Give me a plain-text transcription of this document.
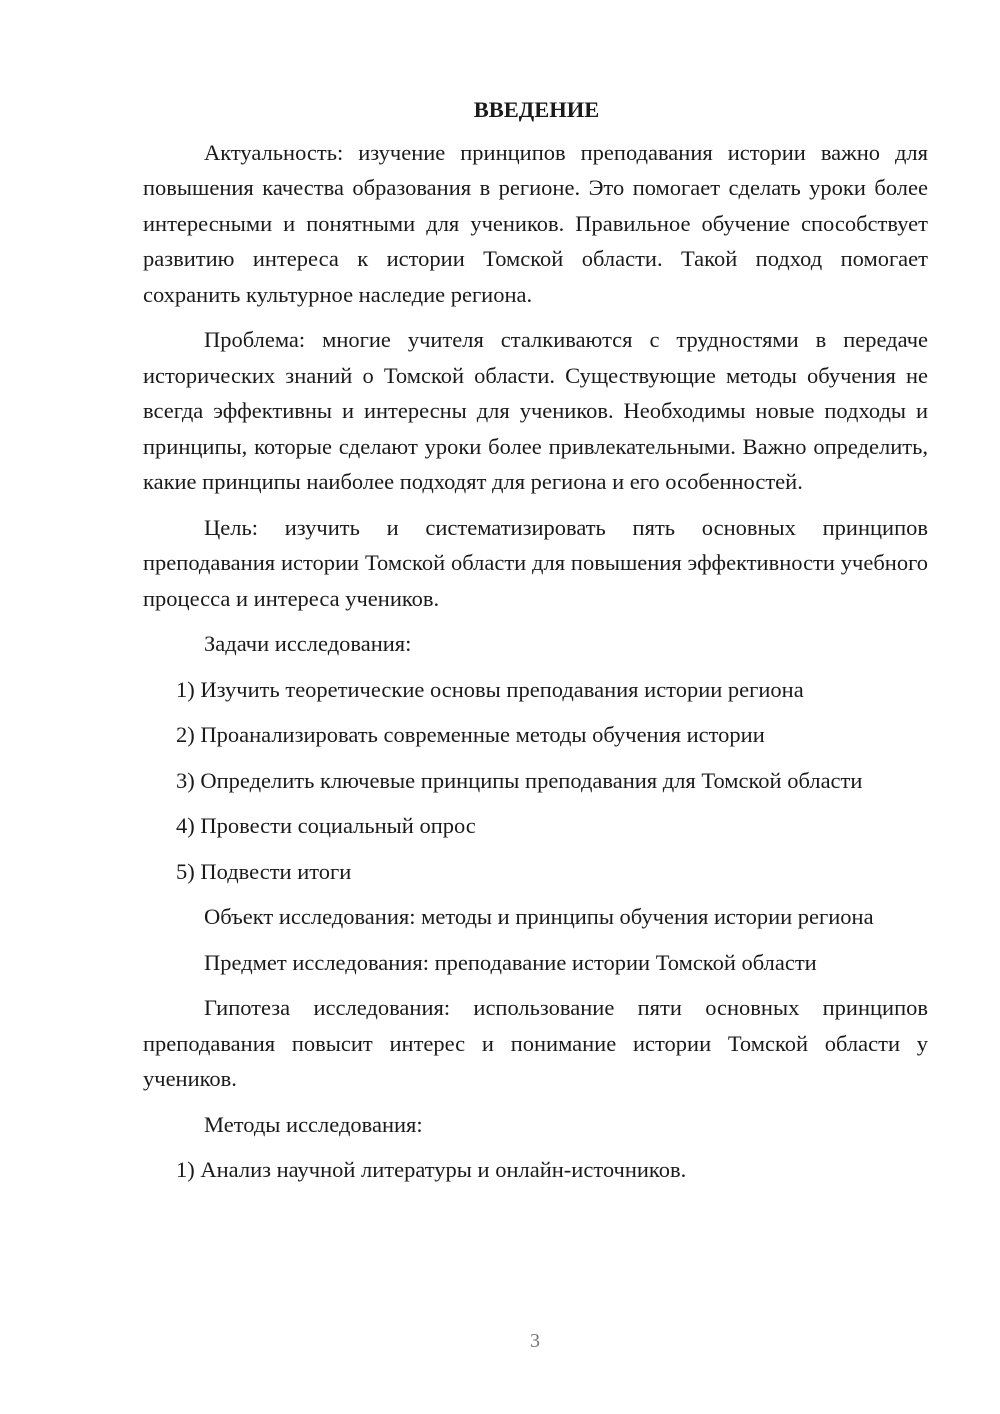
ВВЕДЕНИЕ

Актуальность: изучение принципов преподавания истории важно для повышения качества образования в регионе. Это помогает сделать уроки более интересными и понятными для учеников. Правильное обучение способствует развитию интереса к истории Томской области. Такой подход помогает сохранить культурное наследие региона.

Проблема: многие учителя сталкиваются с трудностями в передаче исторических знаний о Томской области. Существующие методы обучения не всегда эффективны и интересны для учеников. Необходимы новые подходы и принципы, которые сделают уроки более привлекательными. Важно определить, какие принципы наиболее подходят для региона и его особенностей.

Цель: изучить и систематизировать пять основных принципов преподавания истории Томской области для повышения эффективности учебного процесса и интереса учеников.

Задачи исследования:

1) Изучить теоретические основы преподавания истории региона

2) Проанализировать современные методы обучения истории

3) Определить ключевые принципы преподавания для Томской области

4) Провести социальный опрос

5) Подвести итоги

Объект исследования: методы и принципы обучения истории региона

Предмет исследования: преподавание истории Томской области

Гипотеза исследования: использование пяти основных принципов преподавания повысит интерес и понимание истории Томской области у учеников.

Методы исследования:

1) Анализ научной литературы и онлайн-источников.

3
